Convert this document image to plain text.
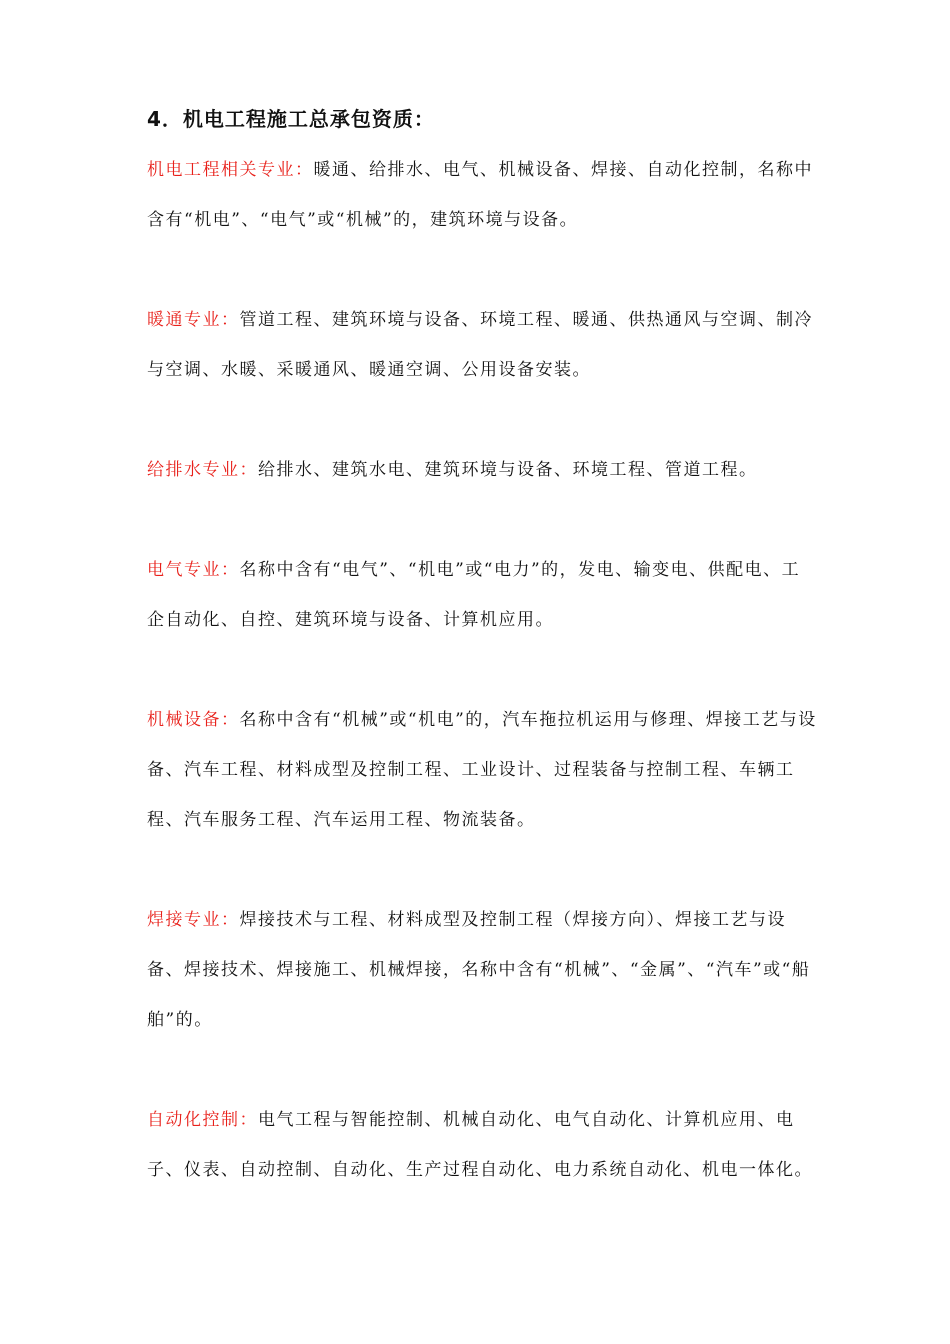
4．机电工程施工总承包资质：
机电工程相关专业：暖通、给排水、电气、机械设备、焊接、自动化控制，名称中含有“机电”、“电气”或“机械”的，建筑环境与设备。
暖通专业：管道工程、建筑环境与设备、环境工程、暖通、供热通风与空调、制冷与空调、水暖、采暖通风、暖通空调、公用设备安装。
给排水专业：给排水、建筑水电、建筑环境与设备、环境工程、管道工程。
电气专业：名称中含有“电气”、“机电”或“电力”的，发电、输变电、供配电、工企自动化、自控、建筑环境与设备、计算机应用。
机械设备：名称中含有“机械”或“机电”的，汽车拖拉机运用与修理、焊接工艺与设备、汽车工程、材料成型及控制工程、工业设计、过程装备与控制工程、车辆工程、汽车服务工程、汽车运用工程、物流装备。
焊接专业：焊接技术与工程、材料成型及控制工程（焊接方向）、焊接工艺与设备、焊接技术、焊接施工、机械焊接，名称中含有“机械”、“金属”、“汽车”或“船舶”的。
自动化控制：电气工程与智能控制、机械自动化、电气自动化、计算机应用、电子、仪表、自动控制、自动化、生产过程自动化、电力系统自动化、机电一体化。
